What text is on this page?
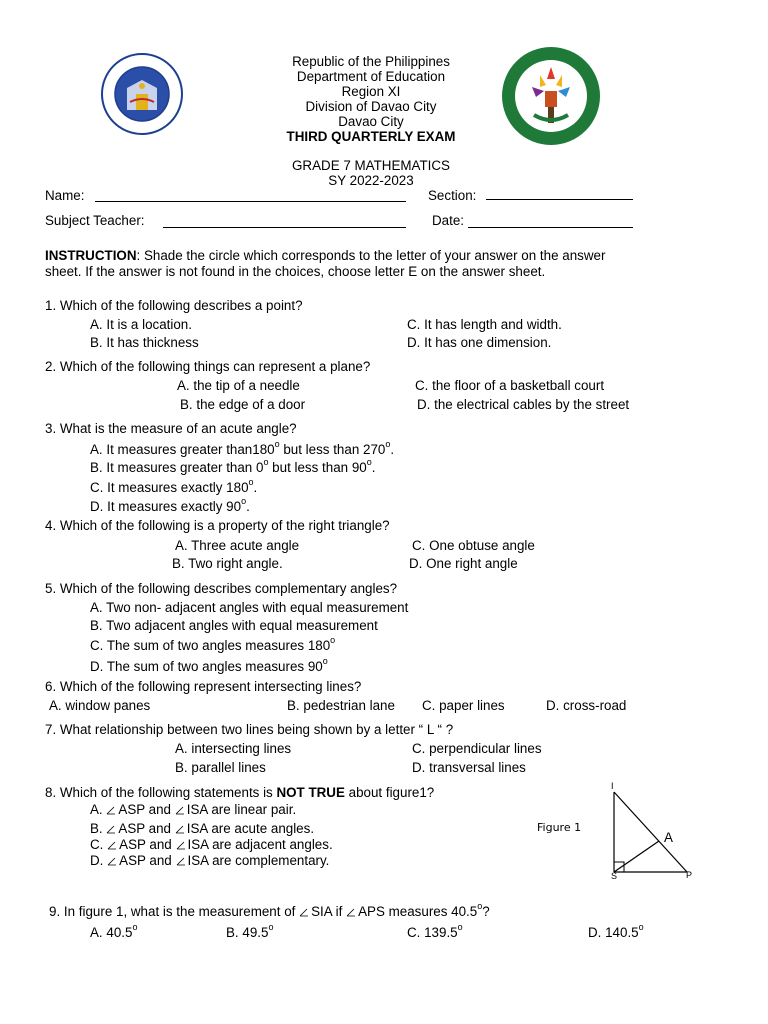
Republic of the Philippines
Department of Education
Region XI
Division of Davao City
Davao City
THIRD QUARTERLY EXAM
GRADE 7 MATHEMATICS
SY 2022-2023
Name:	Section:
Subject Teacher:	Date:
INSTRUCTION: Shade the circle which corresponds to the letter of your answer on the answer
sheet. If the answer is not found in the choices, choose letter E on the answer sheet.
1. Which of the following describes a point?
A. It is a location.	C. It has length and width.
B. It has thickness	D. It has one dimension.
2. Which of the following things can represent a plane?
A. the tip of a needle	C. the floor of a basketball court
B. the edge of a door	D. the electrical cables by the street
3. What is the measure of an acute angle?
A. It measures greater than180$^o$ but less than 270$^o$.
B. It measures greater than 0$^o$ but less than 90$^o$.
C. It measures exactly 180$^o$.
D. It measures exactly 90$^o$.
4. Which of the following is a property of the right triangle?
A. Three acute angle	C. One obtuse angle
B. Two right angle.	D. One right angle
5. Which of the following describes complementary angles?
A. Two non- adjacent angles with equal measurement
B. Two adjacent angles with equal measurement
C. The sum of two angles measures 180$^o$
D. The sum of two angles measures 90$^o$
6. Which of the following represent intersecting lines?
A. window panes	B. pedestrian lane C. paper lines	D. cross-road
7. What relationship between two lines being shown by a letter “ L “ ?
A. intersecting lines	C. perpendicular lines
B. parallel lines	D. transversal lines
8. Which of the following statements is NOT TRUE about figure1?
A. ASP and ISA are linear pair.
B. ASP and ISA are acute angles.
C. ASP and ISA are adjacent angles.
D. ASP and ISA are complementary.
Figure 1
I
A
S	P
9. In figure 1, what is the measurement of SIA if APS measures 40.5$^o$?
A. 40.5$^o$	B. 49.5$^o$	C. 139.5$^o$	D. 140.5$^o$
